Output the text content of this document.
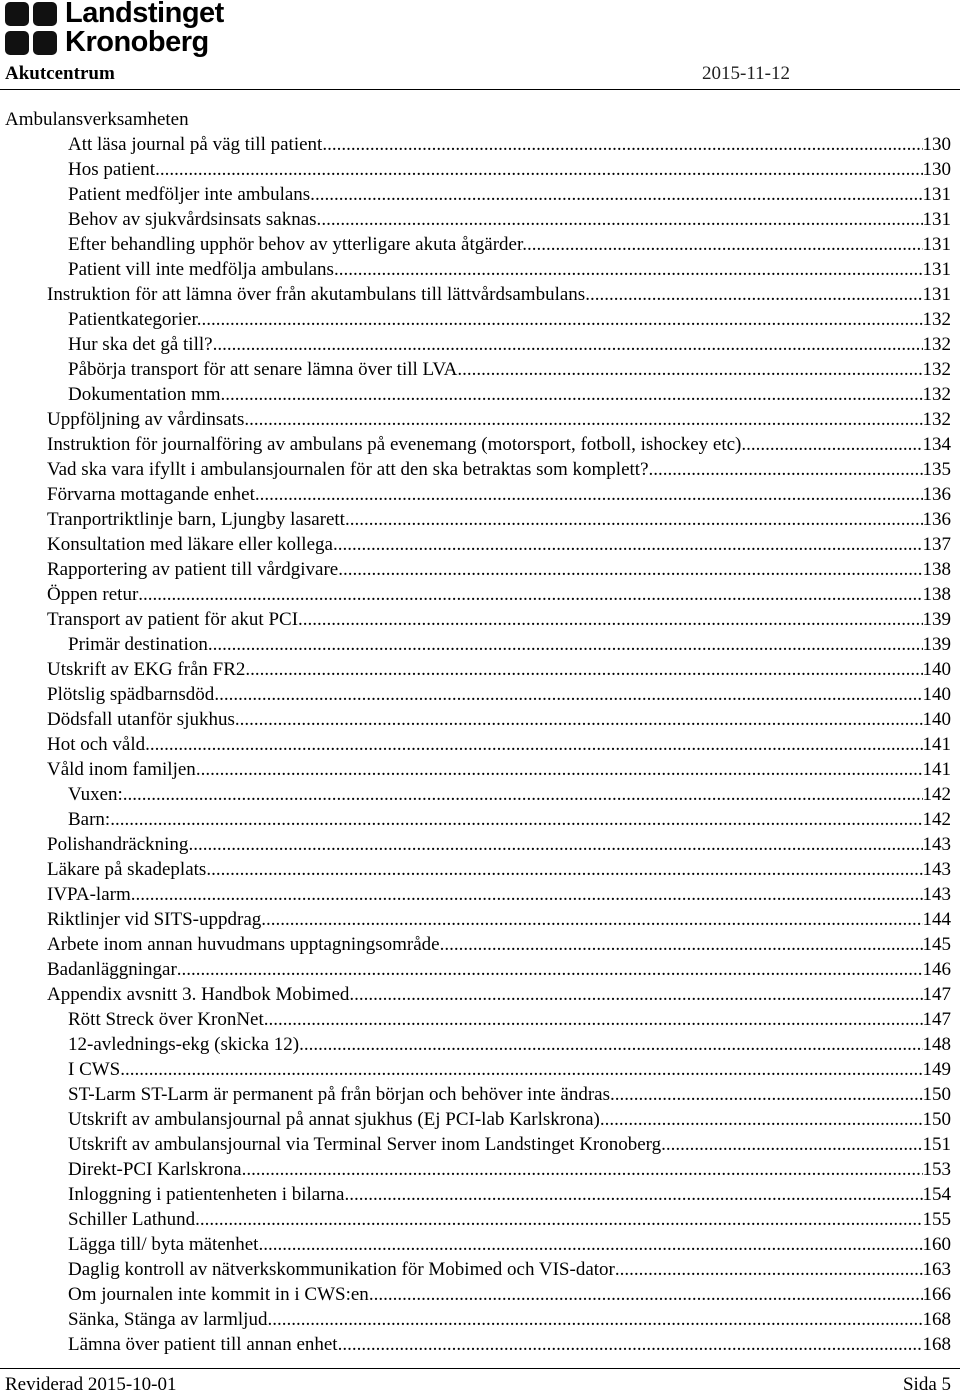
Landstinget
Kronoberg
Akutcentrum	2015-11-12
Ambulansverksamheten
Att läsa journal på väg till patient. .....	130
Hos patient .....	130
Patient medföljer inte ambulans. .....	131
Behov av sjukvårdsinsats saknas. .....	131
Efter behandling upphör behov av ytterligare akuta åtgärder. .....	131
Patient vill inte medfölja ambulans. .....	131
Instruktion för att lämna över från akutambulans till lättvårdsambulans. .....	131
Patientkategorier. .....	132
Hur ska det gå till? .....	132
Påbörja transport för att senare lämna över till LVA. .....	132
Dokumentation mm .....	132
Uppföljning av vårdinsats. .....	132
Instruktion för journalföring av ambulans på evenemang (motorsport, fotboll, ishockey etc) .....	134
Vad ska vara ifyllt i ambulansjournalen för att den ska betraktas som komplett? .....	135
Förvarna mottagande enhet. .....	136
Tranportriktlinje barn, Ljungby lasarett. .....	136
Konsultation med läkare eller kollega. .....	137
Rapportering av patient till vårdgivare .....	138
Öppen retur .....	138
Transport av patient för akut PCI. .....	139
Primär destination. .....	139
Utskrift av EKG från FR2 .....	140
Plötslig spädbarnsdöd .....	140
Dödsfall utanför sjukhus .....	140
Hot och våld .....	141
Våld inom familjen .....	141
Vuxen: .....	142
Barn: .....	142
Polishandräckning .....	143
Läkare på skadeplats .....	143
IVPA-larm .....	143
Riktlinjer vid SITS-uppdrag .....	144
Arbete inom annan huvudmans upptagningsområde. .....	145
Badanläggningar .....	146
Appendix avsnitt 3. Handbok Mobimed .....	147
Rött Streck över KronNet .....	147
12-avlednings-ekg (skicka 12) .....	148
I CWS .....	149
ST-Larm ST-Larm är permanent på från början och behöver inte ändras. .....	150
Utskrift av ambulansjournal på annat sjukhus (Ej PCI-lab Karlskrona) .....	150
Utskrift av ambulansjournal via Terminal Server inom Landstinget Kronoberg .....	151
Direkt-PCI Karlskrona .....	153
Inloggning i patientenheten i bilarna .....	154
Schiller Lathund .....	155
Lägga till/ byta mätenhet .....	160
Daglig kontroll av nätverkskommunikation för Mobimed och VIS-dator .....	163
Om journalen inte kommit in i CWS:en .....	166
Sänka, Stänga av larmljud. .....	168
Lämna över patient till annan enhet .....	168
Reviderad 2015-10-01	Sida 5
